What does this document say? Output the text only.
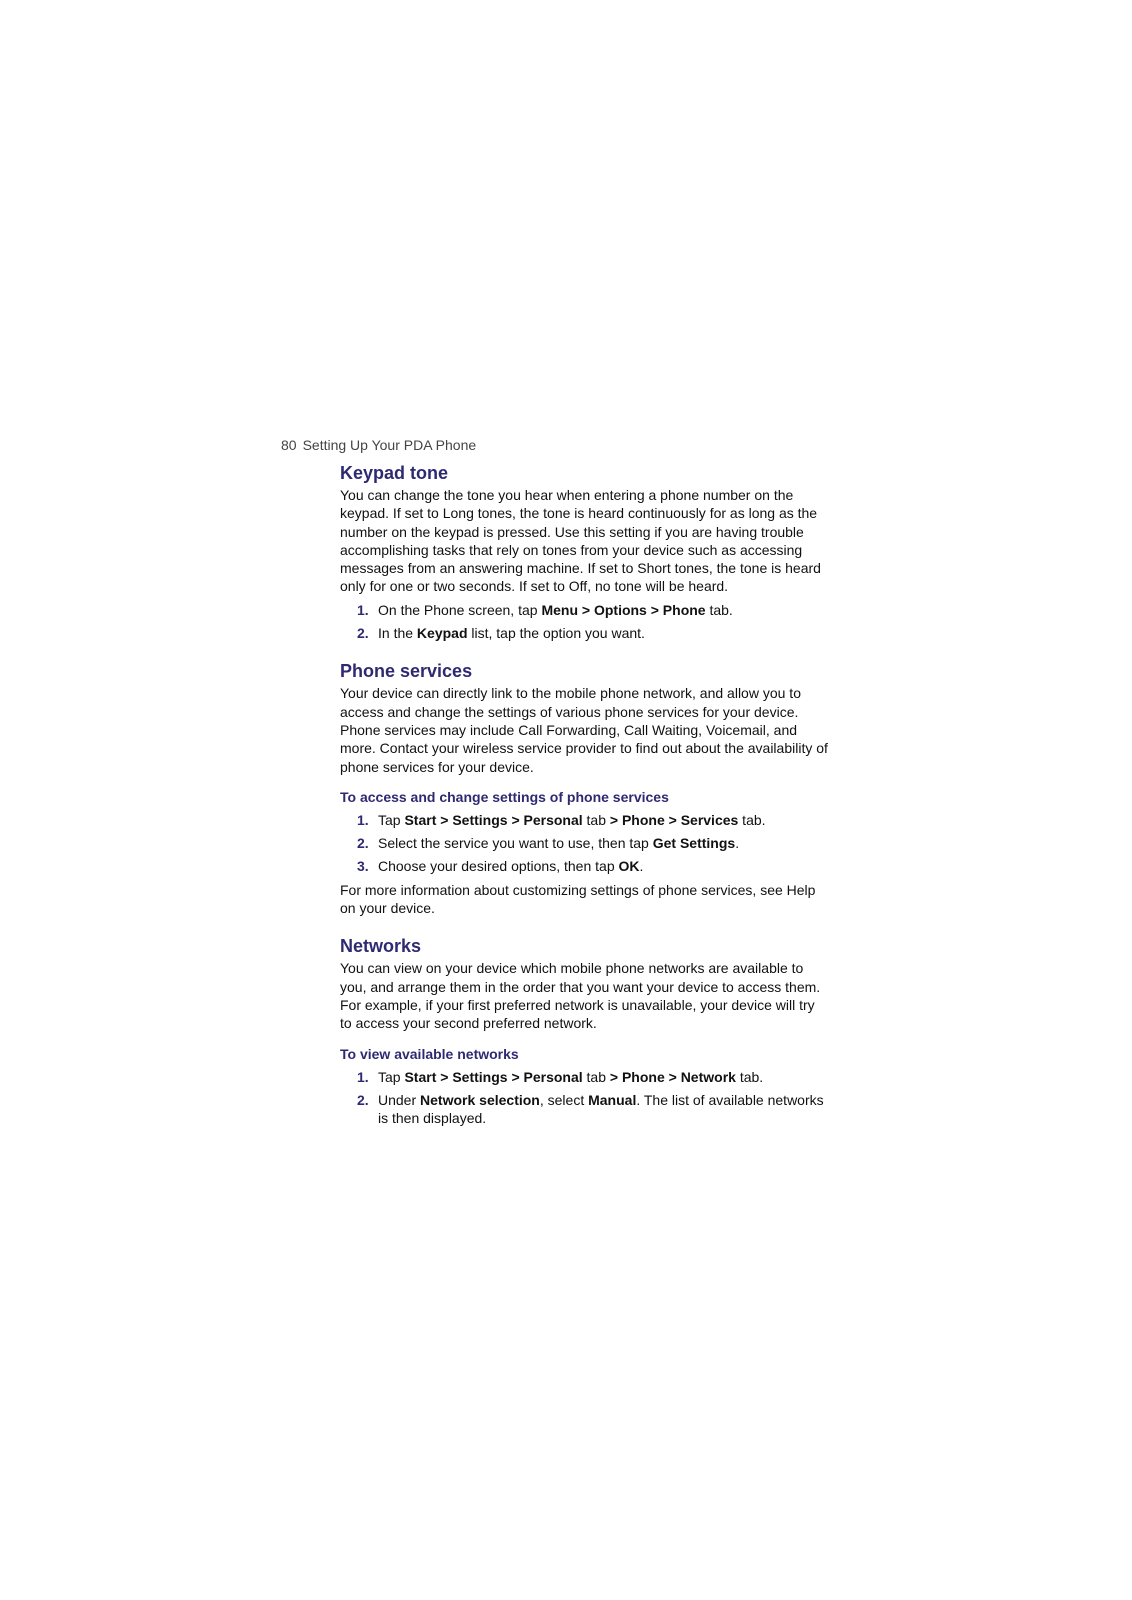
80 Setting Up Your PDA Phone
Keypad tone

You can change the tone you hear when entering a phone number on the keypad. If set to Long tones, the tone is heard continuously for as long as the number on the keypad is pressed. Use this setting if you are having trouble accomplishing tasks that rely on tones from your device such as accessing messages from an answering machine. If set to Short tones, the tone is heard only for one or two seconds. If set to Off, no tone will be heard.

1. On the Phone screen, tap Menu > Options > Phone tab.
2. In the Keypad list, tap the option you want.
Phone services

Your device can directly link to the mobile phone network, and allow you to access and change the settings of various phone services for your device. Phone services may include Call Forwarding, Call Waiting, Voicemail, and more. Contact your wireless service provider to find out about the availability of phone services for your device.

To access and change settings of phone services
1. Tap Start > Settings > Personal tab > Phone > Services tab.
2. Select the service you want to use, then tap Get Settings.
3. Choose your desired options, then tap OK.

For more information about customizing settings of phone services, see Help on your device.

Networks

You can view on your device which mobile phone networks are available to you, and arrange them in the order that you want your device to access them. For example, if your first preferred network is unavailable, your device will try to access your second preferred network.

To view available networks
1. Tap Start > Settings > Personal tab > Phone > Network tab.
2. Under Network selection, select Manual. The list of available networks is then displayed.
